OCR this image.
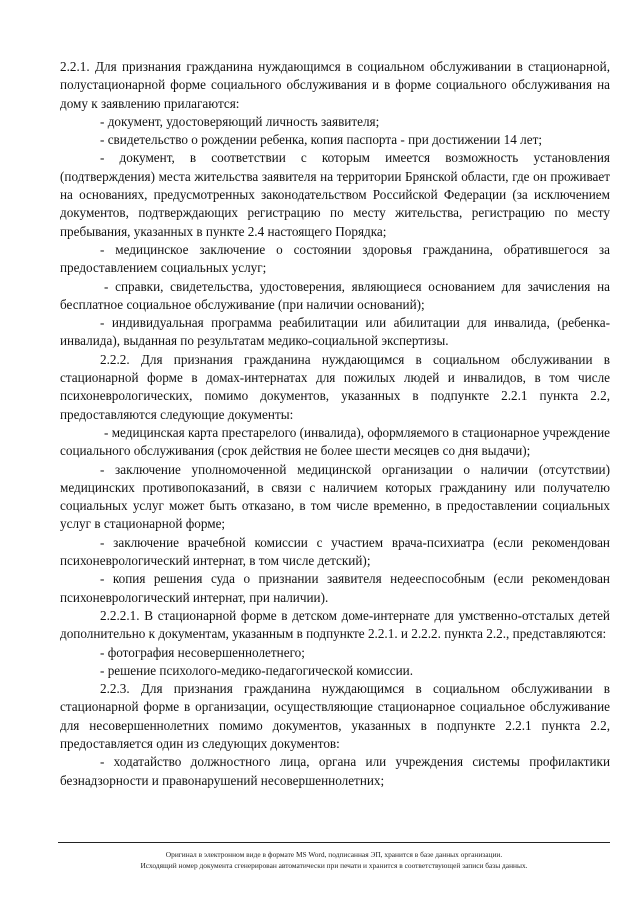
2.2.1. Для признания гражданина нуждающимся в социальном обслуживании в стационарной, полустационарной форме социального обслуживания и в форме социального обслуживания на дому к заявлению прилагаются:

- документ, удостоверяющий личность заявителя;

- свидетельство о рождении ребенка, копия паспорта - при достижении 14 лет;

- документ, в соответствии с которым имеется возможность установления (подтверждения) места жительства заявителя на территории Брянской области, где он проживает на основаниях, предусмотренных законодательством Российской Федерации (за исключением документов, подтверждающих регистрацию по месту жительства, регистрацию по месту пребывания, указанных в пункте 2.4 настоящего Порядка;

- медицинское заключение о состоянии здоровья гражданина, обратившегося за предоставлением социальных услуг;

- справки, свидетельства, удостоверения, являющиеся основанием для зачисления на бесплатное социальное обслуживание (при наличии оснований);

- индивидуальная программа реабилитации или абилитации для инвалида, (ребенка-инвалида), выданная по результатам медико-социальной экспертизы.

2.2.2. Для признания гражданина нуждающимся в социальном обслуживании в стационарной форме в домах-интернатах для пожилых людей и инвалидов, в том числе психоневрологических, помимо документов, указанных в подпункте 2.2.1 пункта 2.2, предоставляются следующие документы:

- медицинская карта престарелого (инвалида), оформляемого в стационарное учреждение социального обслуживания (срок действия не более шести месяцев со дня выдачи);

- заключение уполномоченной медицинской организации о наличии (отсутствии) медицинских противопоказаний, в связи с наличием которых гражданину или получателю социальных услуг может быть отказано, в том числе временно, в предоставлении социальных услуг в стационарной форме;

- заключение врачебной комиссии с участием врача-психиатра (если рекомендован психоневрологический интернат, в том числе детский);

- копия решения суда о признании заявителя недееспособным (если рекомендован психоневрологический интернат, при наличии).

2.2.2.1. В стационарной форме в детском доме-интернате для умственно-отсталых детей дополнительно к документам, указанным в подпункте 2.2.1. и 2.2.2. пункта 2.2., представляются:

- фотография несовершеннолетнего;

- решение психолого-медико-педагогической комиссии.

2.2.3. Для признания гражданина нуждающимся в социальном обслуживании в стационарной форме в организации, осуществляющие стационарное социальное обслуживание для несовершеннолетних помимо документов, указанных в подпункте 2.2.1 пункта 2.2, предоставляется один из следующих документов:

- ходатайство должностного лица, органа или учреждения системы профилактики безнадзорности и правонарушений несовершеннолетних;

Оригинал в электронном виде в формате MS Word, подписанная ЭП, хранится в базе данных организации.

Исходящий номер документа сгенерирован автоматически при печати и хранится в соответствующей записи базы данных.
